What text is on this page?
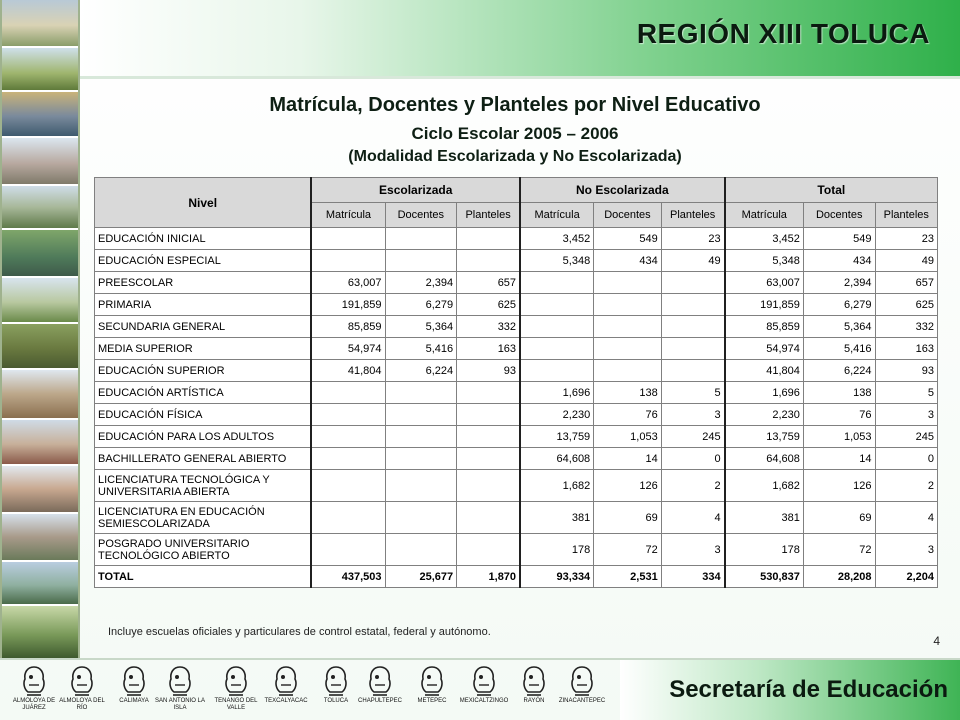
REGIÓN XIII TOLUCA
Matrícula, Docentes y Planteles por Nivel Educativo
Ciclo Escolar 2005 – 2006
(Modalidad Escolarizada y No Escolarizada)
Nivel	Escolarizada			No Escolarizada			Total		
	Matrícula	Docentes	Planteles	Matrícula	Docentes	Planteles	Matrícula	Docentes	Planteles
EDUCACIÓN INICIAL				3,452	549	23	3,452	549	23
EDUCACIÓN ESPECIAL				5,348	434	49	5,348	434	49
PREESCOLAR	63,007	2,394	657				63,007	2,394	657
PRIMARIA	191,859	6,279	625				191,859	6,279	625
SECUNDARIA GENERAL	85,859	5,364	332				85,859	5,364	332
MEDIA SUPERIOR	54,974	5,416	163				54,974	5,416	163
EDUCACIÓN SUPERIOR	41,804	6,224	93				41,804	6,224	93
EDUCACIÓN ARTÍSTICA				1,696	138	5	1,696	138	5
EDUCACIÓN FÍSICA				2,230	76	3	2,230	76	3
EDUCACIÓN PARA LOS ADULTOS				13,759	1,053	245	13,759	1,053	245
BACHILLERATO GENERAL ABIERTO				64,608	14	0	64,608	14	0
LICENCIATURA TECNOLÓGICA Y UNIVERSITARIA ABIERTA				1,682	126	2	1,682	126	2
LICENCIATURA EN EDUCACIÓN SEMIESCOLARIZADA				381	69	4	381	69	4
POSGRADO UNIVERSITARIO TECNOLÓGICO ABIERTO				178	72	3	178	72	3
TOTAL	437,503	25,677	1,870	93,334	2,531	334	530,837	28,208	2,204
Incluye escuelas oficiales y particulares de control estatal, federal y autónomo.
4
Secretaría de Educación
ALMOLOYA DE JUÁREZ
ALMOLOYA DEL RÍO
CALIMAYA	SAN ANTONIO LA ISLA
TENANGO DEL VALLE
TEXCALYACAC	TOLUCA	CHAPULTEPEC	METEPEC	MEXICALTZINGO	RAYÓN	ZINACANTEPEC
